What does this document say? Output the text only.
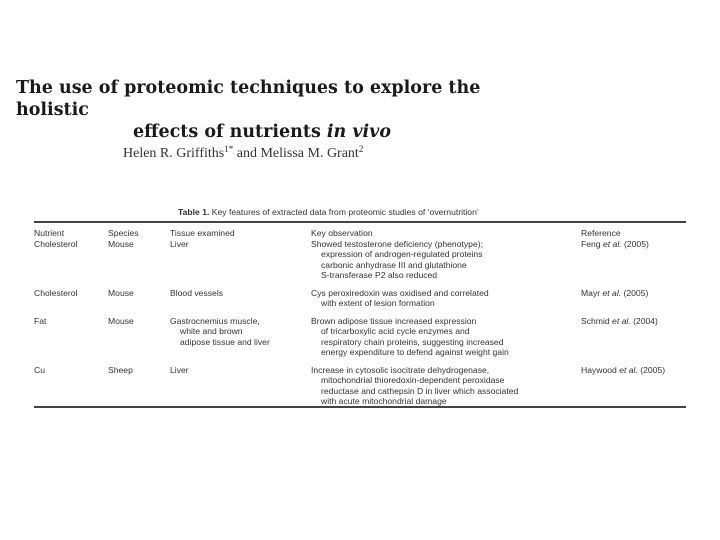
The use of proteomic techniques to explore the holistic
effects of nutrients in vivo
Helen R. Griffiths$^{1*}$ and Melissa M. Grant$^2$
Table 1. Key features of extracted data from proteomic studies of ‘overnutrition’
Nutrient	Species	Tissue examined	Key observation	Reference
Cholesterol	Mouse	Liver	Showed testosterone deficiency (phenotype);
expression of androgen-regulated proteins
carbonic anhydrase III and glutathione
S-transferase P2 also reduced	Feng et al. (2005)
Cholesterol	Mouse	Blood vessels	Cys peroxiredoxin was oxidised and correlated
with extent of lesion formation	Mayr et al. (2005)
Fat	Mouse	Gastrocnemius muscle,
white and brown
adipose tissue and liver	Brown adipose tissue increased expression
of tricarboxylic acid cycle enzymes and
respiratory chain proteins, suggesting increased
energy expenditure to defend against weight gain	Schmid et al. (2004)
Cu	Sheep	Liver	Increase in cytosolic isocitrate dehydrogenase,
mitochondrial thioredoxin-dependent peroxidase
reductase and cathepsin D in liver which associated
with acute mitochondrial damage	Haywood et al. (2005)
